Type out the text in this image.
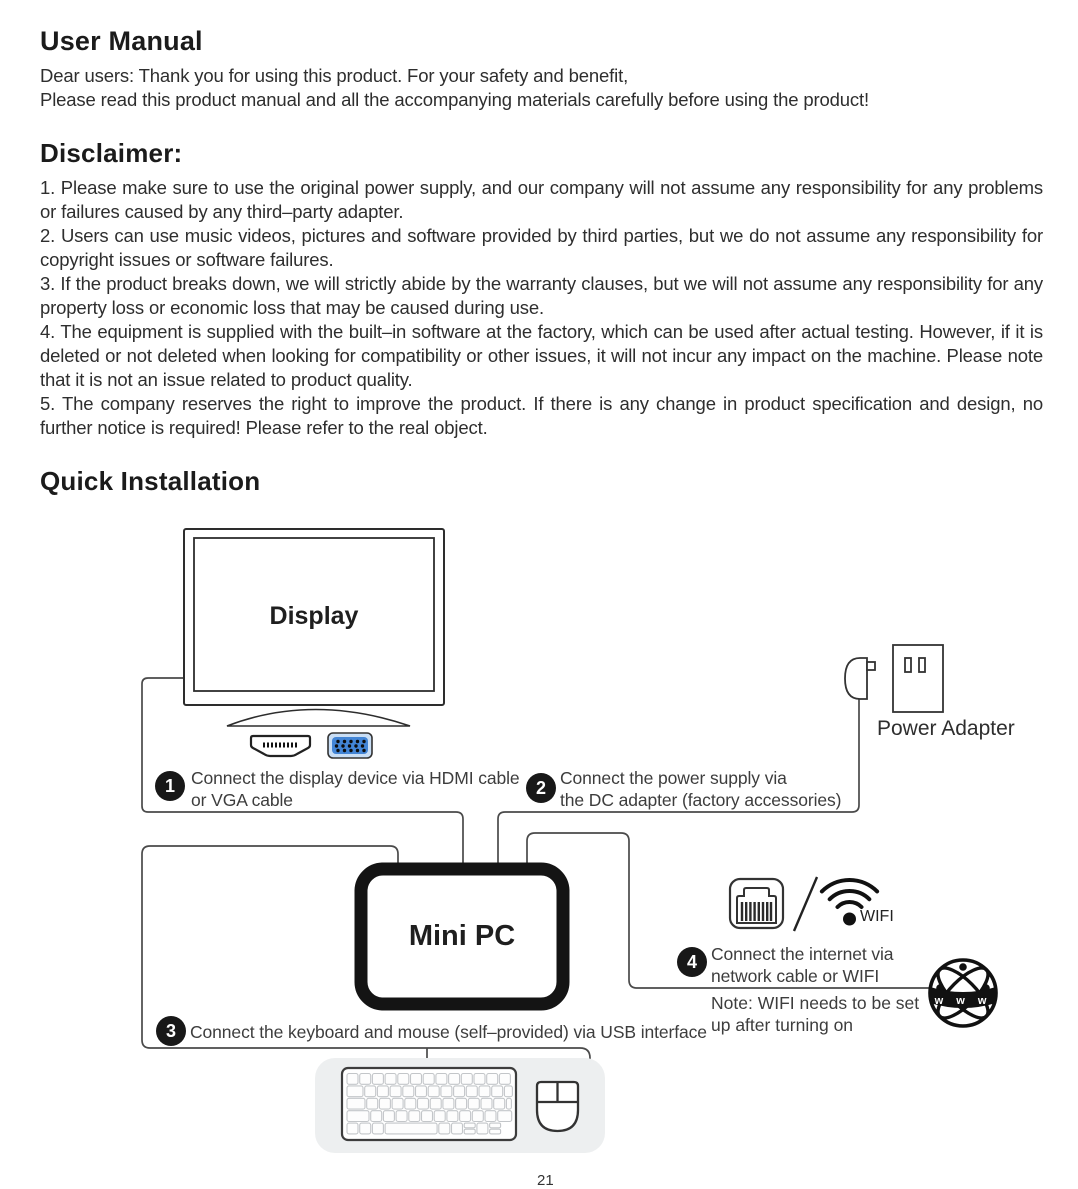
User Manual
Dear users: Thank you for using this product. For your safety and benefit,
Please read this product manual and all the accompanying materials carefully before using the product!
Disclaimer:

1. Please make sure to use the original power supply, and our company will not assume any responsibility for any problems or failures caused by any third–party adapter.

2. Users can use music videos, pictures and software provided by third parties, but we do not assume any responsibility for copyright issues or software failures.

3. If the product breaks down, we will strictly abide by the warranty clauses, but we will not assume any responsibility for any property loss or economic loss that may be caused during use.

4. The equipment is supplied with the built–in software at the factory, which can be used after actual testing. However, if it is deleted or not deleted when looking for compatibility or other issues, it will not incur any impact on the machine. Please note that it is not an issue related to product quality.

5. The company reserves the right to improve the product. If there is any change in product specification and design, no further notice is required! Please refer to the real object.

Quick Installation
w w w
Display
Mini PC
Power Adapter
WIFI
1 Connect the display device via HDMI cable
or VGA cable
2 Connect the power supply via
the DC adapter (factory accessories)
3 Connect the keyboard and mouse (self–provided) via USB interface
4 Connect the internet via
network cable or WIFI
Note: WIFI needs to be set
up after turning on
21
